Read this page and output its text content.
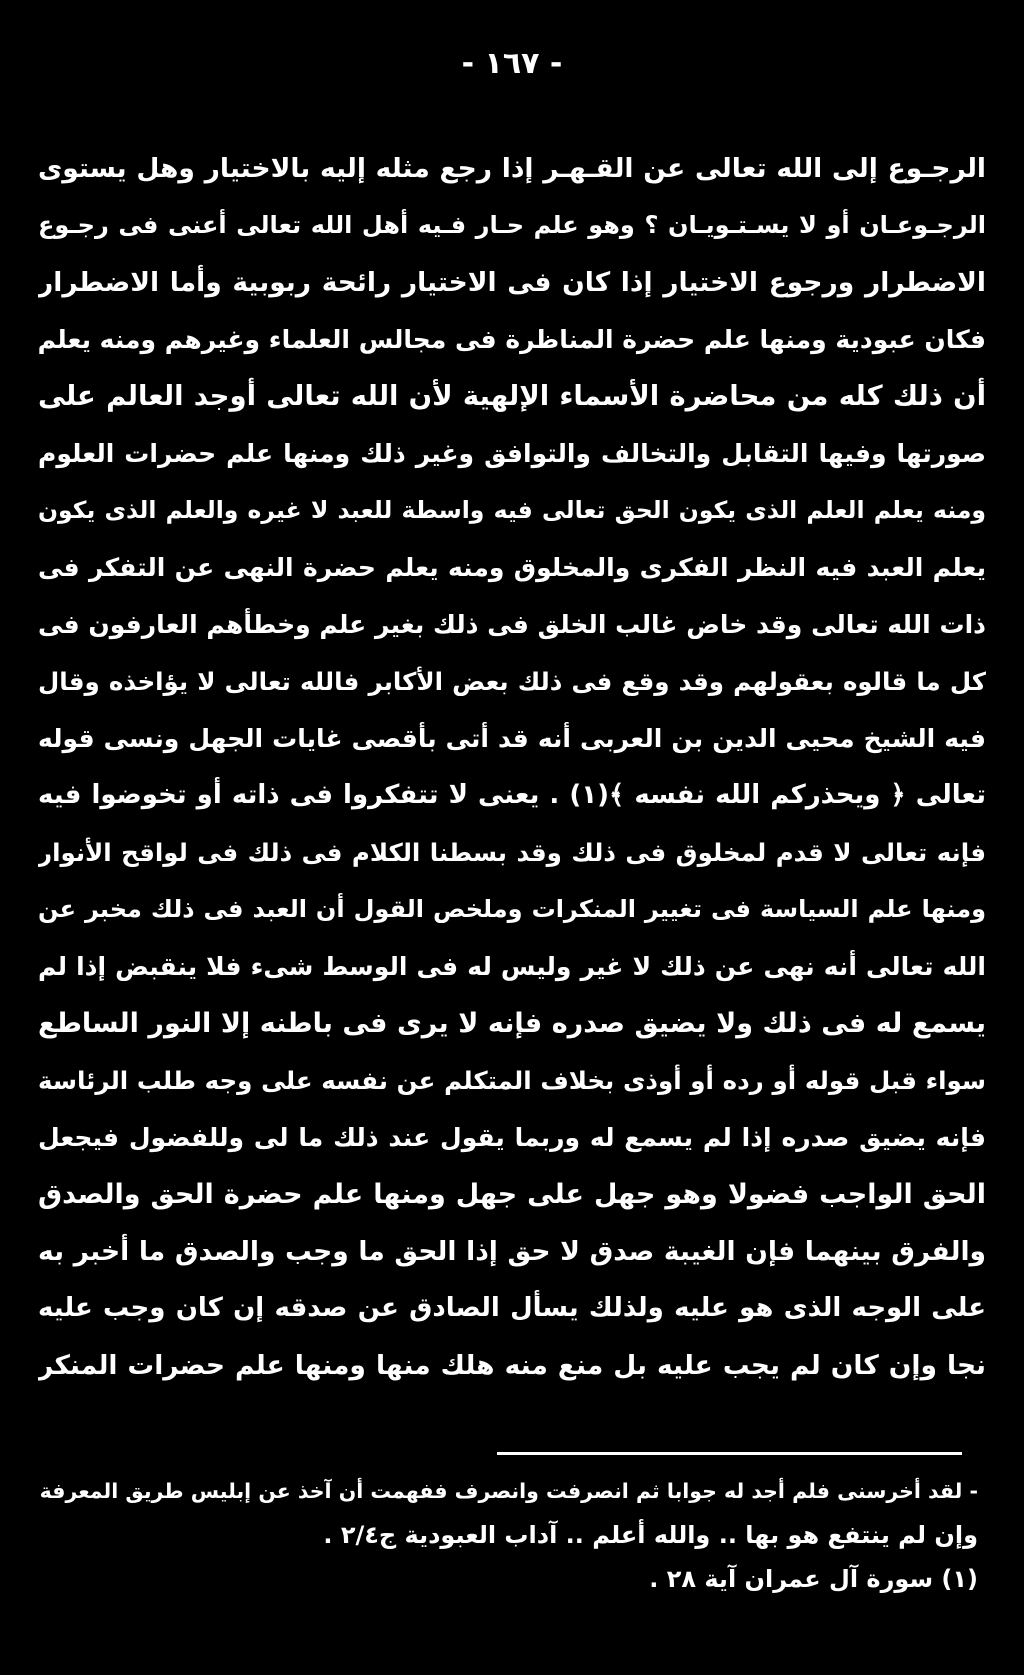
- ١٦٧ -
الرجـوع إلى الله تعالى عن القـهـر إذا رجع مثله إليه بالاختيار وهل يستوى
الرجـوعـان أو لا يسـتـويـان ؟ وهو علم حـار فـيه أهل الله تعالى أعنى فى رجـوع
الاضطرار ورجوع الاختيار إذا كان فى الاختيار رائحة ربوبية وأما الاضطرار
فكان عبودية ومنها علم حضرة المناظرة فى مجالس العلماء وغيرهم ومنه يعلم
أن ذلك كله من محاضرة الأسماء الإلهية لأن الله تعالى أوجد العالم على
صورتها وفيها التقابل والتخالف والتوافق وغير ذلك ومنها علم حضرات العلوم
ومنه يعلم العلم الذى يكون الحق تعالى فيه واسطة للعبد لا غيره والعلم الذى يكون
يعلم العبد فيه النظر الفكرى والمخلوق ومنه يعلم حضرة النهى عن التفكر فى
ذات الله تعالى وقد خاض غالب الخلق فى ذلك بغير علم وخطأهم العارفون فى
كل ما قالوه بعقولهم وقد وقع فى ذلك بعض الأكابر فالله تعالى لا يؤاخذه وقال
فيه الشيخ محيى الدين بن العربى أنه قد أتى بأقصى غايات الجهل ونسى قوله
تعالى ﴿ ويحذركم الله نفسه ﴾(١) . يعنى لا تتفكروا فى ذاته أو تخوضوا فيه
فإنه تعالى لا قدم لمخلوق فى ذلك وقد بسطنا الكلام فى ذلك فى لواقح الأنوار
ومنها علم السياسة فى تغيير المنكرات وملخص القول أن العبد فى ذلك مخبر عن
الله تعالى أنه نهى عن ذلك لا غير وليس له فى الوسط شىء فلا ينقبض إذا لم
يسمع له فى ذلك ولا يضيق صدره فإنه لا يرى فى باطنه إلا النور الساطع
سواء قبل قوله أو رده أو أوذى بخلاف المتكلم عن نفسه على وجه طلب الرئاسة
فإنه يضيق صدره إذا لم يسمع له وربما يقول عند ذلك ما لى وللفضول فيجعل
الحق الواجب فضولا وهو جهل على جهل ومنها علم حضرة الحق والصدق
والفرق بينهما فإن الغيبة صدق لا حق إذا الحق ما وجب والصدق ما أخبر به
على الوجه الذى هو عليه ولذلك يسأل الصادق عن صدقه إن كان وجب عليه
نجا وإن كان لم يجب عليه بل منع منه هلك منها ومنها علم حضرات المنكر
- لقد أخرسنى فلم أجد له جوابا ثم انصرفت وانصرف ففهمت أن آخذ عن إبليس طريق المعرفة
وإن لم ينتفع هو بها .. والله أعلم .. آداب العبودية ج٢/٤ .
(١) سورة آل عمران آية ٢٨ .
